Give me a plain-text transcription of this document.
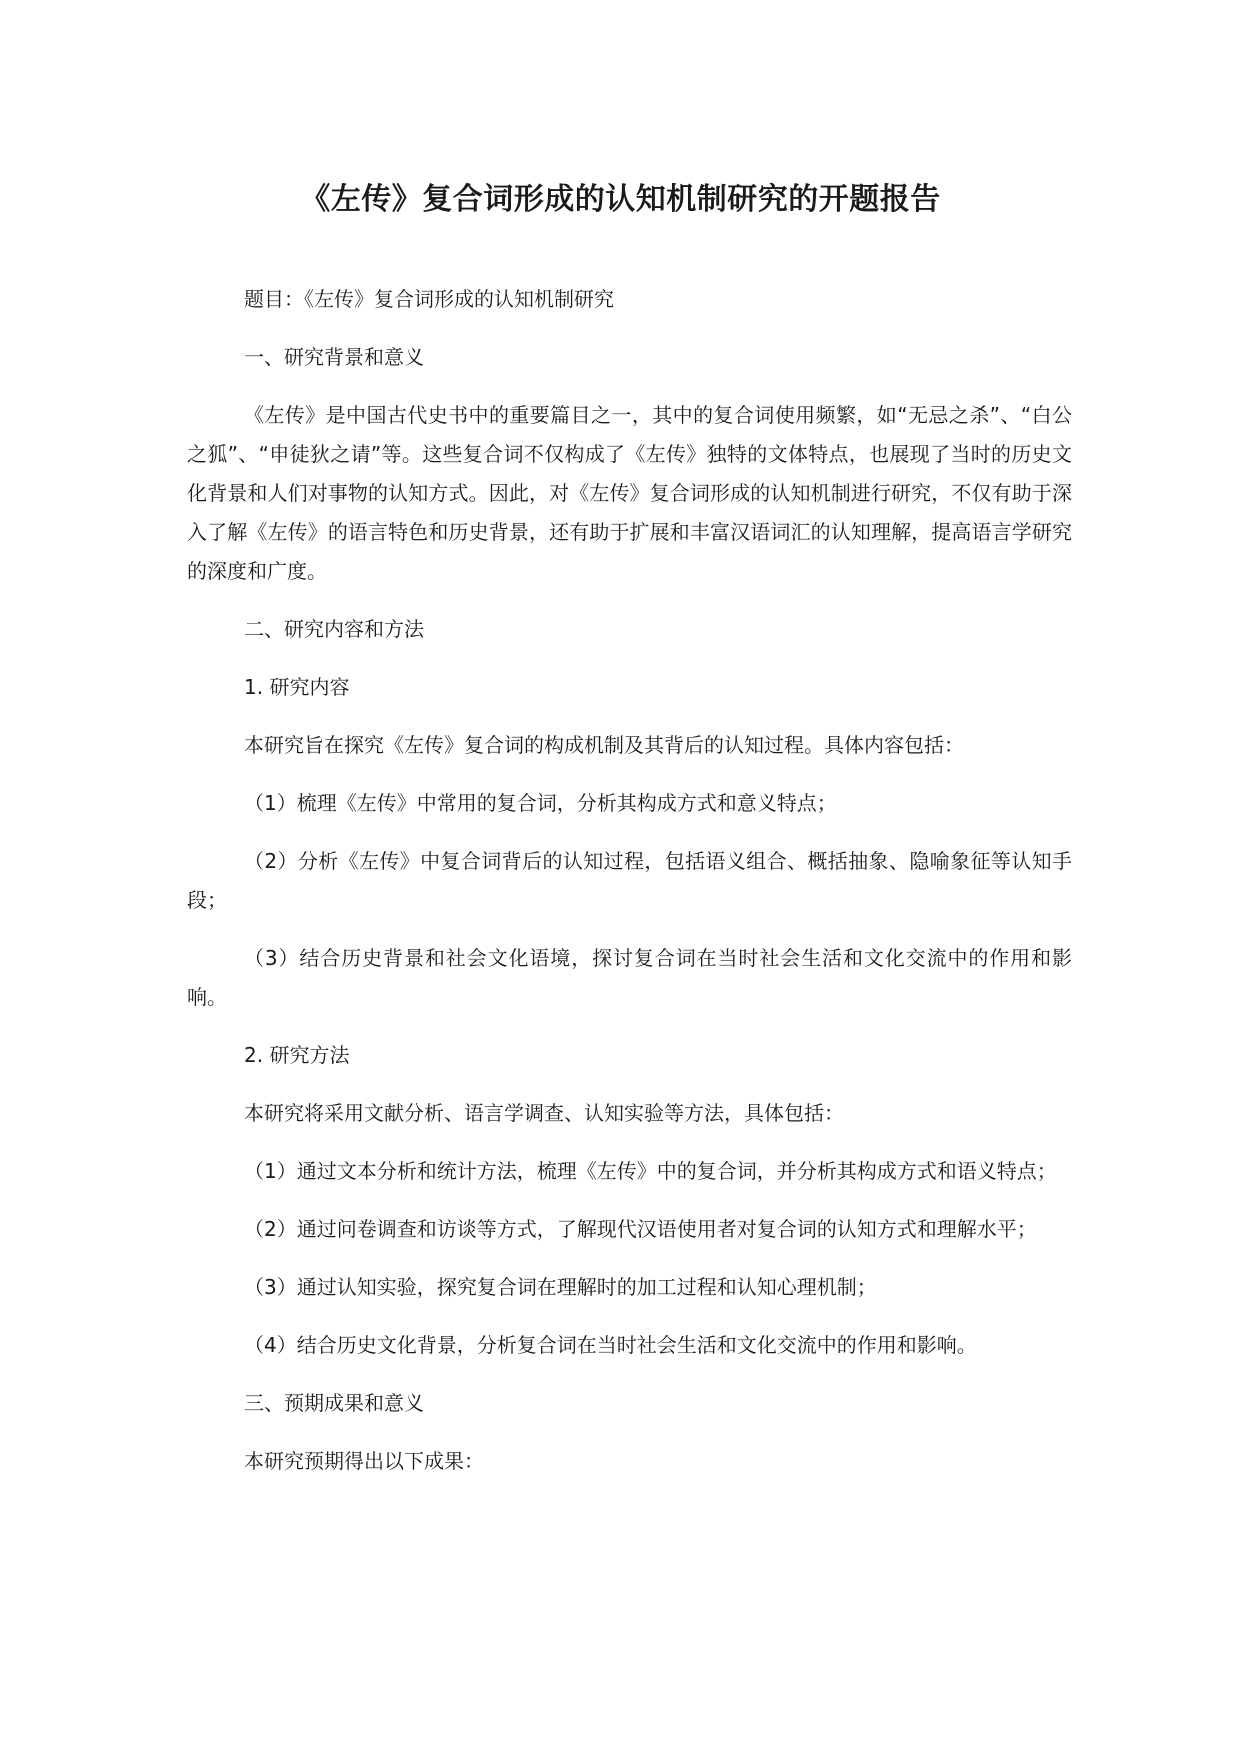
《左传》复合词形成的认知机制研究的开题报告

题目：《左传》复合词形成的认知机制研究

一、研究背景和意义

《左传》是中国古代史书中的重要篇目之一，其中的复合词使用频繁，如“无忌之杀”、“白公之狐”、“申徒狄之请”等。这些复合词不仅构成了《左传》独特的文体特点，也展现了当时的历史文化背景和人们对事物的认知方式。因此，对《左传》复合词形成的认知机制进行研究，不仅有助于深入了解《左传》的语言特色和历史背景，还有助于扩展和丰富汉语词汇的认知理解，提高语言学研究的深度和广度。

二、研究内容和方法

1. 研究内容

本研究旨在探究《左传》复合词的构成机制及其背后的认知过程。具体内容包括：

（1）梳理《左传》中常用的复合词，分析其构成方式和意义特点；

（2）分析《左传》中复合词背后的认知过程，包括语义组合、概括抽象、隐喻象征等认知手段；

（3）结合历史背景和社会文化语境，探讨复合词在当时社会生活和文化交流中的作用和影响。

2. 研究方法

本研究将采用文献分析、语言学调查、认知实验等方法，具体包括：

（1）通过文本分析和统计方法，梳理《左传》中的复合词，并分析其构成方式和语义特点；

（2）通过问卷调查和访谈等方式，了解现代汉语使用者对复合词的认知方式和理解水平；

（3）通过认知实验，探究复合词在理解时的加工过程和认知心理机制；

（4）结合历史文化背景，分析复合词在当时社会生活和文化交流中的作用和影响。

三、预期成果和意义

本研究预期得出以下成果：
